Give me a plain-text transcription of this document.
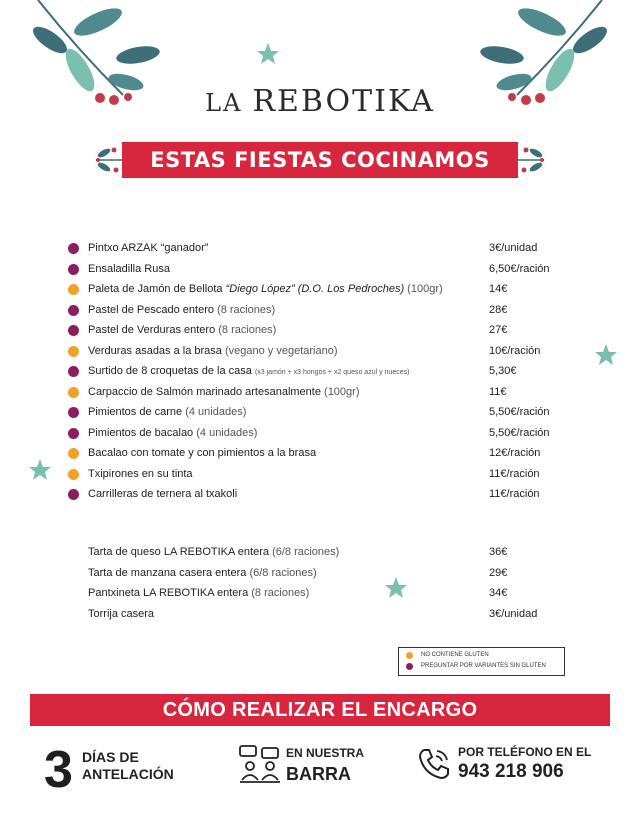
LA REBOTIKA
ESTAS FIESTAS COCINAMOS PARA TI
Pintxo ARZAK “ganador”	3€/unidad
Ensaladilla Rusa	6,50€/ración
Paleta de Jamón de Bellota “Diego López” (D.O. Los Pedroches) (100gr)	14€
Pastel de Pescado entero (8 raciones)	28€
Pastel de Verduras entero (8 raciones)	27€
Verduras asadas a la brasa (vegano y vegetariano)	10€/ración
Surtido de 8 croquetas de la casa (x3 jamón + x3 hongos + x2 queso azul y nueces)	5,30€
Carpaccio de Salmón marinado artesanalmente (100gr)	11€
Pimientos de carne (4 unidades)	5,50€/ración
Pimientos de bacalao (4 unidades)	5,50€/ración
Bacalao con tomate y con pimientos a la brasa	12€/ración
Txipirones en su tinta	11€/ración
Carrilleras de ternera al txakoli	11€/ración
Tarta de queso LA REBOTIKA entera (6/8 raciones)	36€
Tarta de manzana casera entera (6/8 raciones)	29€
Pantxineta LA REBOTIKA entera (8 raciones)	34€
Torrija casera	3€/unidad
NO CONTIENE GLUTEN
PREGUNTAR POR VARIANTES SIN GLUTEN
CÓMO REALIZAR EL ENCARGO
3 DÍAS DE
ANTELACIÓN
EN NUESTRA
BARRA
POR TELÉFONO EN EL
943 218 906
